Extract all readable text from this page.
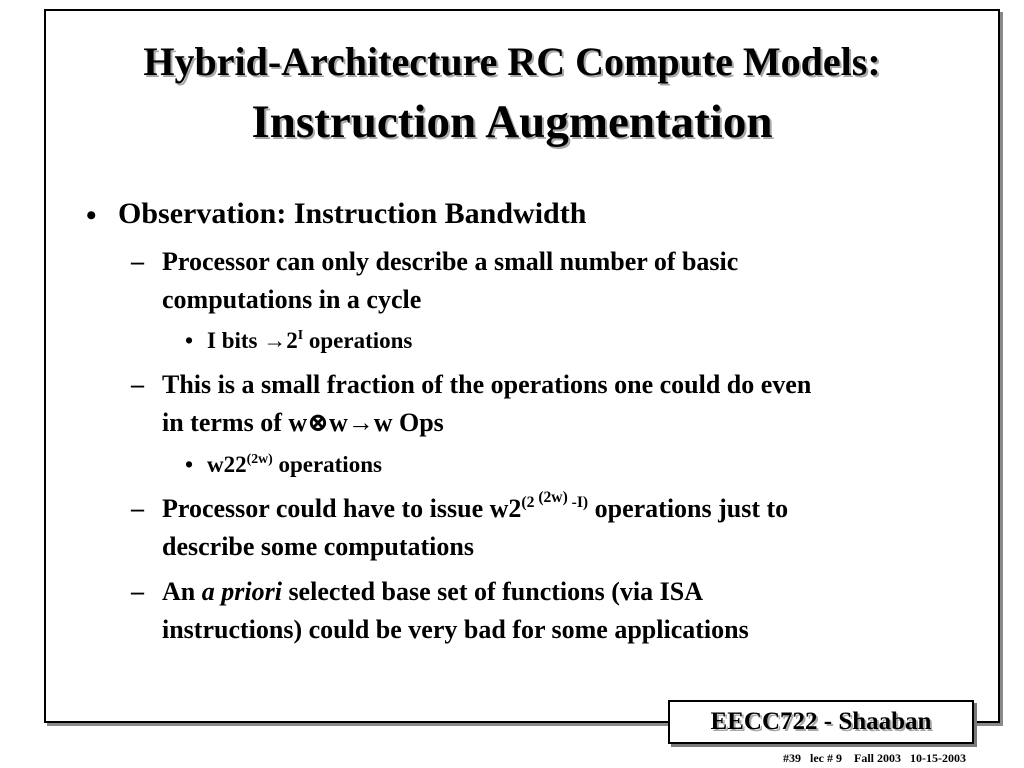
Hybrid-Architecture RC Compute Models:
Instruction Augmentation
• Observation: Instruction Bandwidth
– Processor can only describe a small number of basic
computations in a cycle
• I bits $\to 2^I$ operations
– This is a small fraction of the operations one could do even
in terms of w⊗w→w Ops
• $w22^{(2w)}$ operations
– Processor could have to issue w2$^{(2}$ $^{(2w)}$ $^{-I)}$ operations just to
describe some computations
– An a priori selected base set of functions (via ISA
instructions) could be very bad for some applications
EECC722 - Shaaban
#39   lec # 9    Fall 2003   10-15-2003
